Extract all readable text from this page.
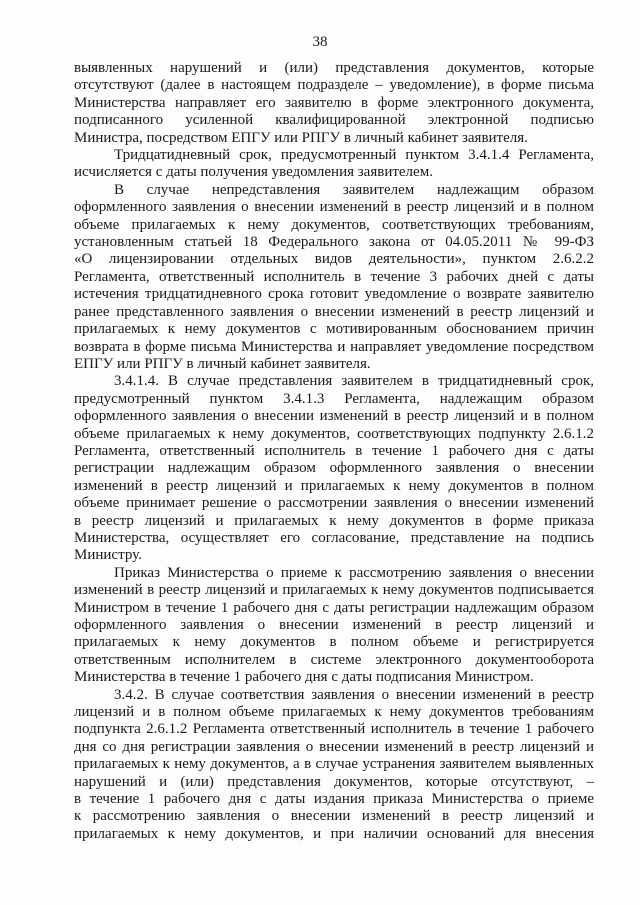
38
выявленных нарушений и (или) представления документов, которые
отсутствуют (далее в настоящем подразделе – уведомление), в форме письма
Министерства направляет его заявителю в форме электронного документа,
подписанного усиленной квалифицированной электронной подписью
Министра, посредством ЕПГУ или РПГУ в личный кабинет заявителя.
Тридцатидневный срок, предусмотренный пунктом 3.4.1.4 Регламента,
исчисляется с даты получения уведомления заявителем.
В случае непредставления заявителем надлежащим образом
оформленного заявления о внесении изменений в реестр лицензий и в полном
объеме прилагаемых к нему документов, соответствующих требованиям,
установленным статьей 18 Федерального закона от 04.05.2011 № 99-ФЗ
«О лицензировании отдельных видов деятельности», пунктом 2.6.2.2
Регламента, ответственный исполнитель в течение 3 рабочих дней с даты
истечения тридцатидневного срока готовит уведомление о возврате заявителю
ранее представленного заявления о внесении изменений в реестр лицензий и
прилагаемых к нему документов с мотивированным обоснованием причин
возврата в форме письма Министерства и направляет уведомление посредством
ЕПГУ или РПГУ в личный кабинет заявителя.
3.4.1.4. В случае представления заявителем в тридцатидневный срок,
предусмотренный пунктом 3.4.1.3 Регламента, надлежащим образом
оформленного заявления о внесении изменений в реестр лицензий и в полном
объеме прилагаемых к нему документов, соответствующих подпункту 2.6.1.2
Регламента, ответственный исполнитель в течение 1 рабочего дня с даты
регистрации надлежащим образом оформленного заявления о внесении
изменений в реестр лицензий и прилагаемых к нему документов в полном
объеме принимает решение о рассмотрении заявления о внесении изменений
в реестр лицензий и прилагаемых к нему документов в форме приказа
Министерства, осуществляет его согласование, представление на подпись
Министру.
Приказ Министерства о приеме к рассмотрению заявления о внесении
изменений в реестр лицензий и прилагаемых к нему документов подписывается
Министром в течение 1 рабочего дня с даты регистрации надлежащим образом
оформленного заявления о внесении изменений в реестр лицензий и
прилагаемых к нему документов в полном объеме и регистрируется
ответственным исполнителем в системе электронного документооборота
Министерства в течение 1 рабочего дня с даты подписания Министром.
3.4.2. В случае соответствия заявления о внесении изменений в реестр
лицензий и в полном объеме прилагаемых к нему документов требованиям
подпункта 2.6.1.2 Регламента ответственный исполнитель в течение 1 рабочего
дня со дня регистрации заявления о внесении изменений в реестр лицензий и
прилагаемых к нему документов, а в случае устранения заявителем выявленных
нарушений и (или) представления документов, которые отсутствуют, –
в течение 1 рабочего дня с даты издания приказа Министерства о приеме
к рассмотрению заявления о внесении изменений в реестр лицензий и
прилагаемых к нему документов, и при наличии оснований для внесения
